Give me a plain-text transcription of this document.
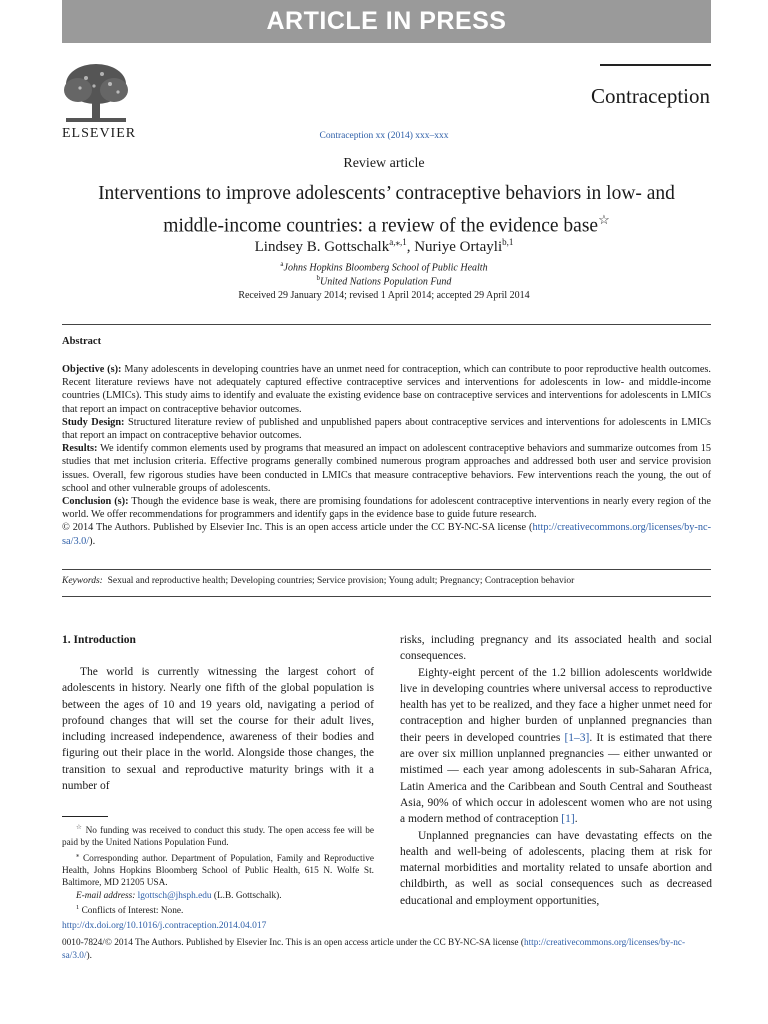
ARTICLE IN PRESS
ELSEVIER
Contraception
Contraception xx (2014) xxx–xxx
Review article
Interventions to improve adolescents’ contraceptive behaviors in low- and
middle-income countries: a review of the evidence base☆
Lindsey B. Gottschalk$^{a,⁎,1}$, Nuriye Ortayli$^{b,1}$
$^a$Johns Hopkins Bloomberg School of Public Health
$^b$United Nations Population Fund
Received 29 January 2014; revised 1 April 2014; accepted 29 April 2014
Abstract

Objective (s): Many adolescents in developing countries have an unmet need for contraception, which can contribute to poor reproductive health outcomes. Recent literature reviews have not adequately captured effective contraceptive services and interventions for adolescents in low- and middle-income countries (LMICs). This study aims to identify and evaluate the existing evidence base on contraceptive services and interventions for adolescents in LMICs that report an impact on contraceptive behavior outcomes.

Study Design: Structured literature review of published and unpublished papers about contraceptive services and interventions for adolescents in LMICs that report an impact on contraceptive behavior outcomes.

Results: We identify common elements used by programs that measured an impact on adolescent contraceptive behaviors and summarize outcomes from 15 studies that met inclusion criteria. Effective programs generally combined numerous program approaches and addressed both user and service provision issues. Overall, few rigorous studies have been conducted in LMICs that measure contraceptive behaviors. Few interventions reach the young, the out of school and other vulnerable groups of adolescents.

Conclusion (s): Though the evidence base is weak, there are promising foundations for adolescent contraceptive interventions in nearly every region of the world. We offer recommendations for programmers and identify gaps in the evidence base to guide future research.

© 2014 The Authors. Published by Elsevier Inc. This is an open access article under the CC BY-NC-SA license (http://creativecommons.org/licenses/by-nc-sa/3.0/).

Keywords: Sexual and reproductive health; Developing countries; Service provision; Young adult; Pregnancy; Contraception behavior
1. Introduction

The world is currently witnessing the largest cohort of adolescents in history. Nearly one fifth of the global population is between the ages of 10 and 19 years old, navigating a period of profound changes that will set the course for their adult lives, including increased independence, awareness of their bodies and figuring out their place in the world. Alongside those changes, the transition to sexual and reproductive maturity brings with it a number of

risks, including pregnancy and its associated health and social consequences.

Eighty-eight percent of the 1.2 billion adolescents worldwide live in developing countries where universal access to reproductive health has yet to be realized, and they face a higher unmet need for contraception and higher burden of unplanned pregnancies than their peers in developed countries [1–3]. It is estimated that there are over six million unplanned pregnancies — either unwanted or mistimed — each year among adolescents in sub-Saharan Africa, Latin America and the Caribbean and South Central and Southeast Asia, 90% of which occur in adolescent women who are not using a modern method of contraception [1].

Unplanned pregnancies can have devastating effects on the health and well-being of adolescents, placing them at risk for maternal morbidities and mortality related to unsafe abortion and childbirth, as well as social consequences such as decreased educational and employment opportunities,

☆ No funding was received to conduct this study. The open access fee will be paid by the United Nations Population Fund.

⁎ Corresponding author. Department of Population, Family and Reproductive Health, Johns Hopkins Bloomberg School of Public Health, 615 N. Wolfe St. Baltimore, MD 21205 USA.

E-mail address: lgottsch@jhsph.edu (L.B. Gottschalk).

$^1$ Conflicts of Interest: None.

http://dx.doi.org/10.1016/j.contraception.2014.04.017
0010-7824/© 2014 The Authors. Published by Elsevier Inc. This is an open access article under the CC BY-NC-SA license (http://creativecommons.org/licenses/by-nc-sa/3.0/).
